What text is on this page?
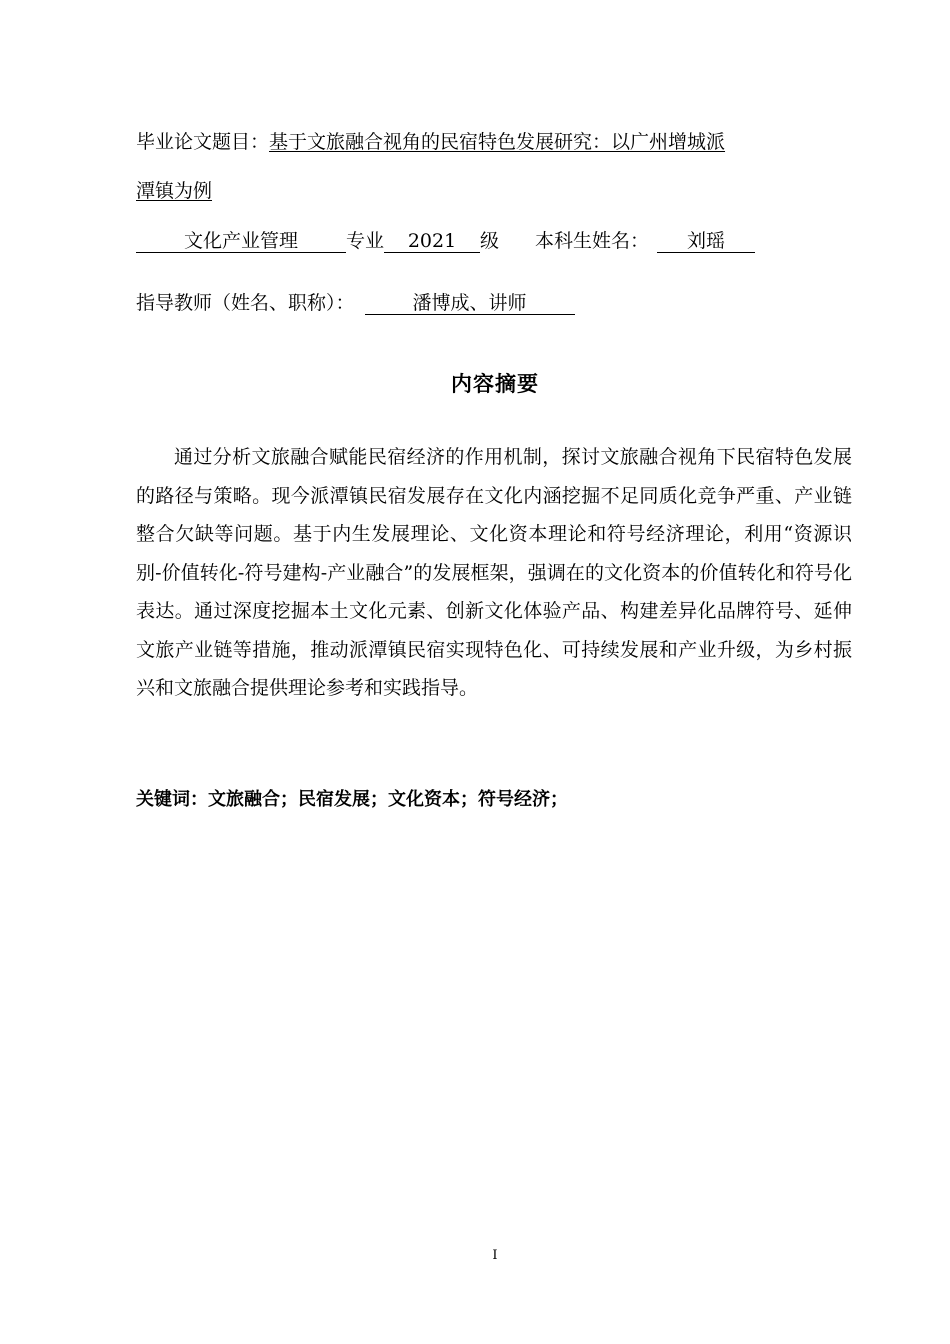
毕业论文题目：基于文旅融合视角的民宿特色发展研究：以广州增城派
潭镇为例
文化产业管理	专业 2021 级 本科生姓名： 刘瑶
指导教师（姓名、职称）：	潘博成、讲师
内容摘要

通过分析文旅融合赋能民宿经济的作用机制，探讨文旅融合视角下民宿特色发展的路径与策略。现今派潭镇民宿发展存在文化内涵挖掘不足同质化竞争严重、产业链整合欠缺等问题。基于内生发展理论、文化资本理论和符号经济理论，利用“资源识别-价值转化-符号建构-产业融合”的发展框架，强调在的文化资本的价值转化和符号化表达。通过深度挖掘本土文化元素、创新文化体验产品、构建差异化品牌符号、延伸文旅产业链等措施，推动派潭镇民宿实现特色化、可持续发展和产业升级，为乡村振兴和文旅融合提供理论参考和实践指导。

关键词：文旅融合；民宿发展；文化资本；符号经济；
I
